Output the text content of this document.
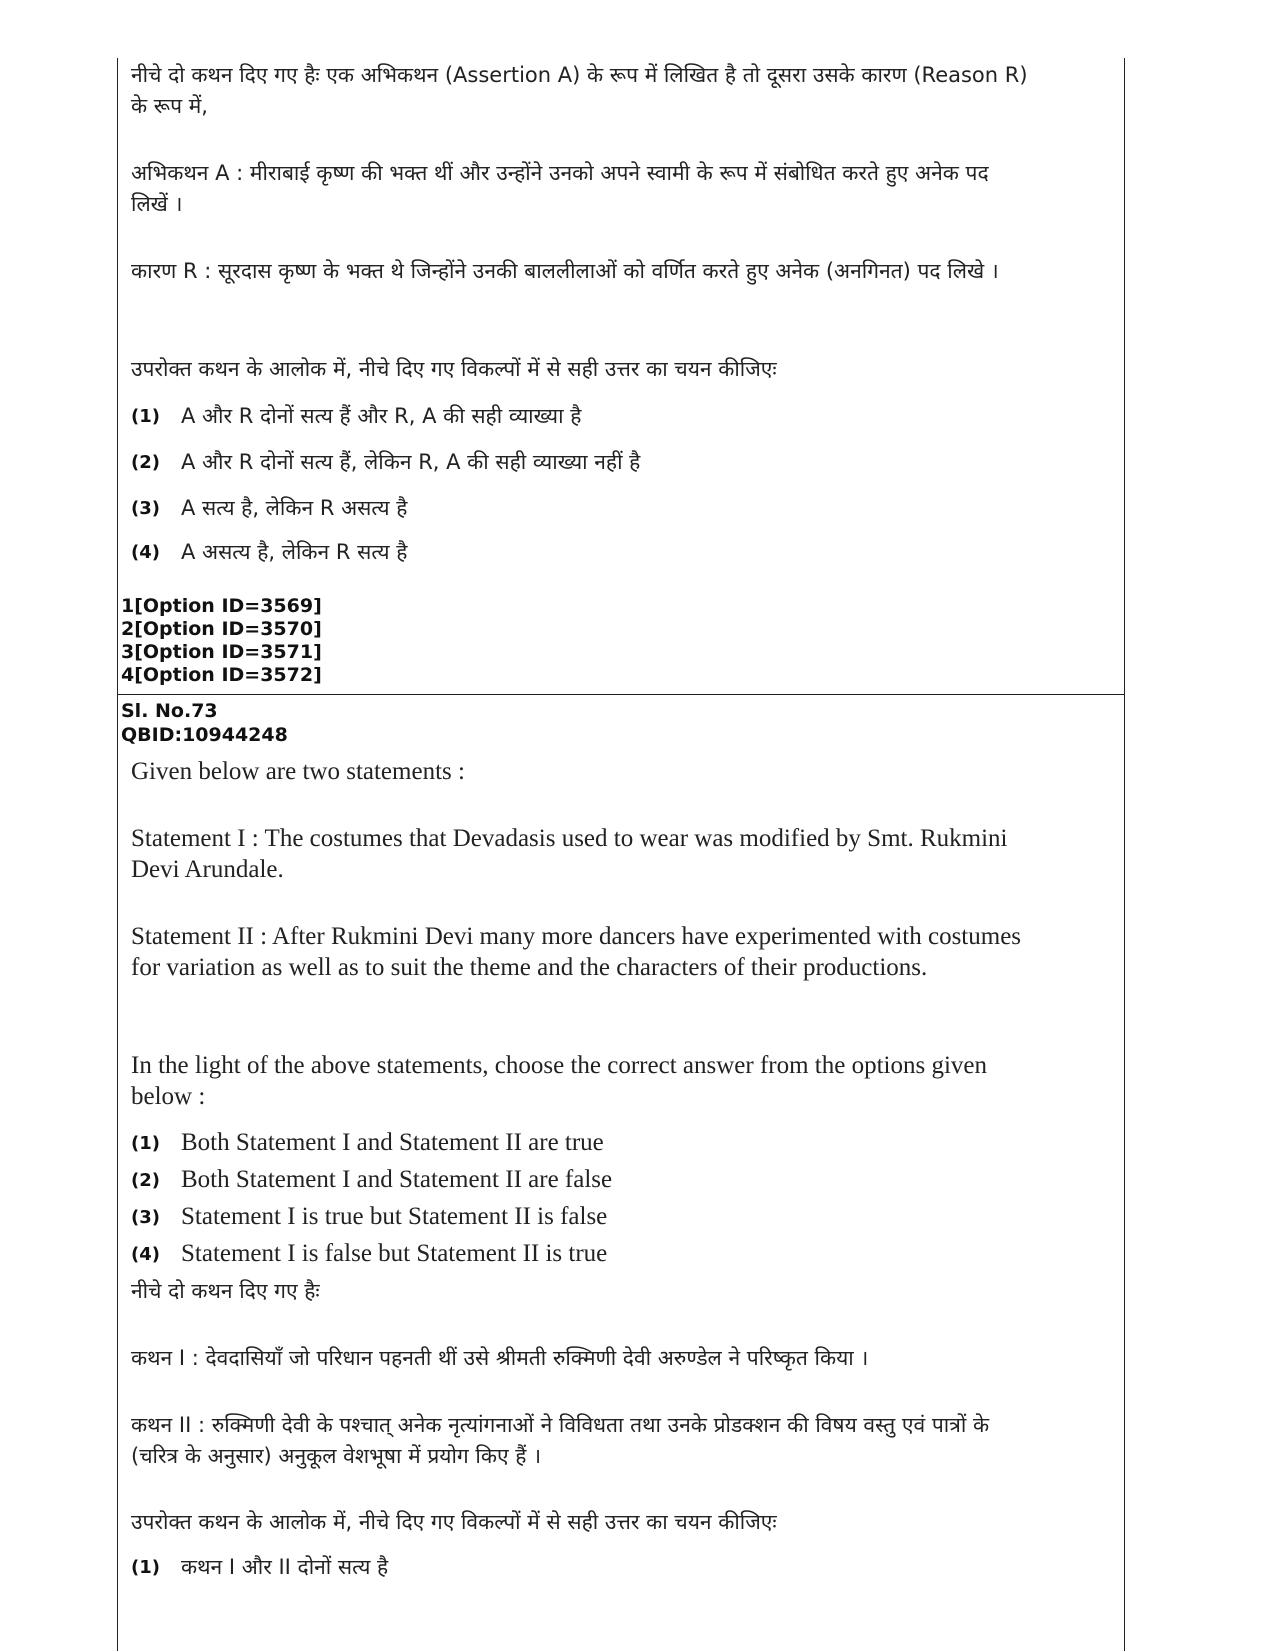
नीचे दो कथन दिए गए हैः एक अभिकथन (Assertion A) के रूप में लिखित है तो दूसरा उसके कारण (Reason R) के रूप में,

अभिकथन A : मीराबाई कृष्ण की भक्त थीं और उन्होंने उनको अपने स्वामी के रूप में संबोधित करते हुए अनेक पद लिखें ।

कारण R : सूरदास कृष्ण के भक्त थे जिन्होंने उनकी बाललीलाओं को वर्णित करते हुए अनेक (अनगिनत) पद लिखे ।

उपरोक्त कथन के आलोक में, नीचे दिए गए विकल्पों में से सही उत्तर का चयन कीजिएः

(1)	A और R दोनों सत्य हैं और R, A की सही व्याख्या है
(2)	A और R दोनों सत्य हैं, लेकिन R, A की सही व्याख्या नहीं है
(3)	A सत्य है, लेकिन R असत्य है
(4)	A असत्य है, लेकिन R सत्य है
1[Option ID=3569]
2[Option ID=3570]
3[Option ID=3571]
4[Option ID=3572]
Sl. No.73
QBID:10944248

Given below are two statements :

Statement I : The costumes that Devadasis used to wear was modified by Smt. Rukmini Devi Arundale.

Statement II : After Rukmini Devi many more dancers have experimented with costumes for variation as well as to suit the theme and the characters of their productions.

In the light of the above statements, choose the correct answer from the options given below :

(1) Both Statement I and Statement II are true
(2) Both Statement I and Statement II are false
(3) Statement I is true but Statement II is false
(4) Statement I is false but Statement II is true

नीचे दो कथन दिए गए हैः

कथन I : देवदासियाँ जो परिधान पहनती थीं उसे श्रीमती रुक्मिणी देवी अरुण्डेल ने परिष्कृत किया ।

कथन II : रुक्मिणी देवी के पश्चात् अनेक नृत्यांगनाओं ने विविधता तथा उनके प्रोडक्शन की विषय वस्तु एवं पात्रों के (चरित्र के अनुसार) अनुकूल वेशभूषा में प्रयोग किए हैं ।

उपरोक्त कथन के आलोक में, नीचे दिए गए विकल्पों में से सही उत्तर का चयन कीजिएः

(1)	कथन I और II दोनों सत्य है
